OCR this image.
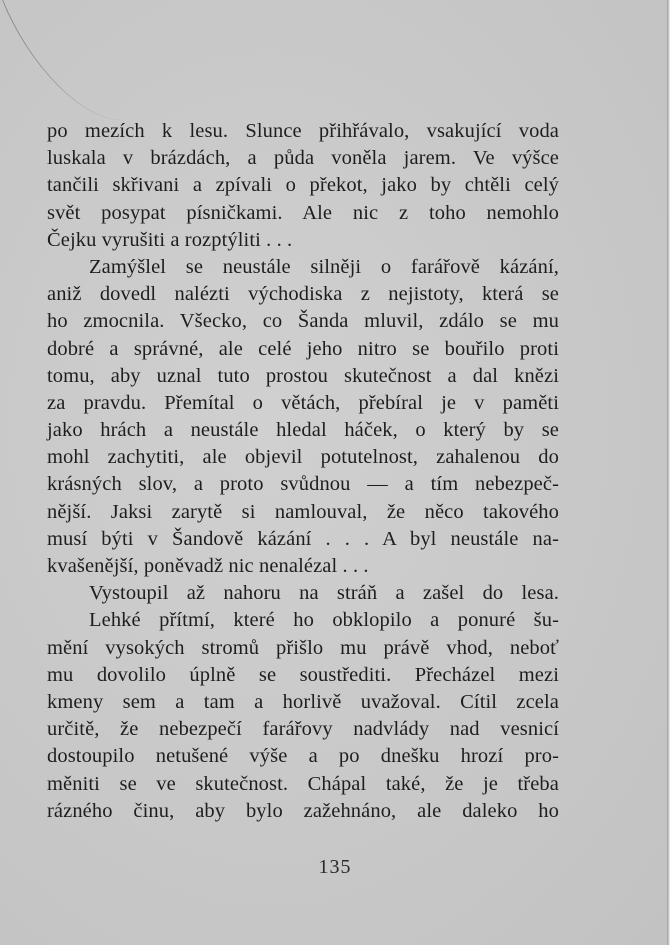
po mezích k lesu. Slunce přihřávalo, vsakující voda
luskala v brázdách, a půda voněla jarem. Ve výšce
tančili skřivani a zpívali o překot, jako by chtěli celý
svět posypat písničkami. Ale nic z toho nemohlo
Čejku vyrušiti a rozptýliti . . .
Zamýšlel se neustále silněji o farářově kázání,
aniž dovedl nalézti východiska z nejistoty, která se
ho zmocnila. Všecko, co Šanda mluvil, zdálo se mu
dobré a správné, ale celé jeho nitro se bouřilo proti
tomu, aby uznal tuto prostou skutečnost a dal knězi
za pravdu. Přemítal o větách, přebíral je v paměti
jako hrách a neustále hledal háček, o který by se
mohl zachytiti, ale objevil potutelnost, zahalenou do
krásných slov, a proto svůdnou — a tím nebezpeč-
nější. Jaksi zarytě si namlouval, že něco takového
musí býti v Šandově kázání . . . A byl neustále na-
kvašenější, poněvadž nic nenalézal . . .
Vystoupil až nahoru na stráň a zašel do lesa.
Lehké přítmí, které ho obklopilo a ponuré šu-
mění vysokých stromů přišlo mu právě vhod, neboť
mu dovolilo úplně se soustřediti. Přecházel mezi
kmeny sem a tam a horlivě uvažoval. Cítil zcela
určitě, že nebezpečí farářovy nadvlády nad vesnicí
dostoupilo netušené výše a po dnešku hrozí pro-
měniti se ve skutečnost. Chápal také, že je třeba
rázného činu, aby bylo zažehnáno, ale daleko ho
135
